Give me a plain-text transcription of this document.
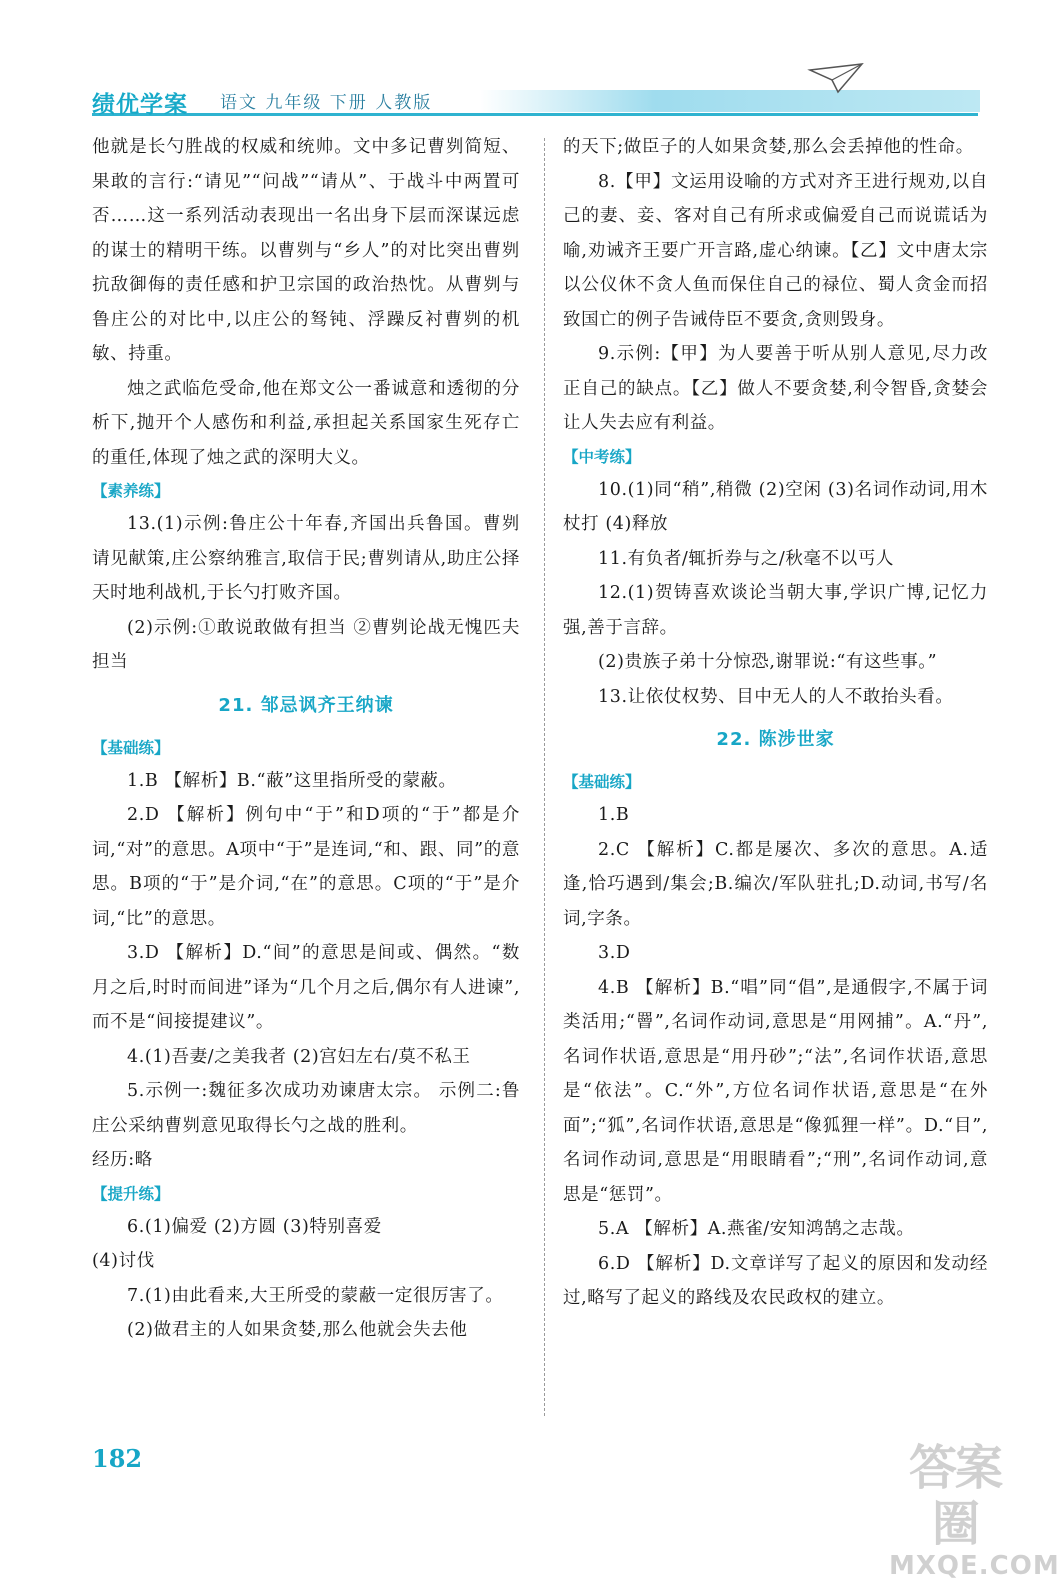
绩优学案 语文 九年级 下册 人教版

他就是长勺胜战的权威和统帅。文中多记曹刿简短、果敢的言行:“请见”“问战”“请从”、于战斗中两置可否……这一系列活动表现出一名出身下层而深谋远虑的谋士的精明干练。以曹刿与“乡人”的对比突出曹刿抗敌御侮的责任感和护卫宗国的政治热忱。从曹刿与鲁庄公的对比中,以庄公的驽钝、浮躁反衬曹刿的机敏、持重。

烛之武临危受命,他在郑文公一番诚意和透彻的分析下,抛开个人感伤和利益,承担起关系国家生死存亡的重任,体现了烛之武的深明大义。

【素养练】

13.(1)示例:鲁庄公十年春,齐国出兵鲁国。曹刿请见献策,庄公察纳雅言,取信于民;曹刿请从,助庄公择天时地利战机,于长勺打败齐国。

(2)示例:①敢说敢做有担当 ②曹刿论战无愧匹夫担当

21. 邹忌讽齐王纳谏
【基础练】

1.B 【解析】B.“蔽”这里指所受的蒙蔽。

2.D 【解析】例句中“于”和D项的“于”都是介词,“对”的意思。A项中“于”是连词,“和、跟、同”的意思。B项的“于”是介词,“在”的意思。C项的“于”是介词,“比”的意思。

3.D 【解析】D.“间”的意思是间或、偶然。“数月之后,时时而间进”译为“几个月之后,偶尔有人进谏”,而不是“间接提建议”。

4.(1)吾妻/之美我者 (2)宫妇左右/莫不私王

5.示例一:魏征多次成功劝谏唐太宗。 示例二:鲁庄公采纳曹刿意见取得长勺之战的胜利。

经历:略

【提升练】

6.(1)偏爱 (2)方圆 (3)特别喜爱

(4)讨伐

7.(1)由此看来,大王所受的蒙蔽一定很厉害了。

(2)做君主的人如果贪婪,那么他就会失去他

的天下;做臣子的人如果贪婪,那么会丢掉他的性命。

8.【甲】文运用设喻的方式对齐王进行规劝,以自己的妻、妾、客对自己有所求或偏爱自己而说谎话为喻,劝诫齐王要广开言路,虚心纳谏。【乙】文中唐太宗以公仪休不贪人鱼而保住自己的禄位、蜀人贪金而招致国亡的例子告诫侍臣不要贪,贪则毁身。

9.示例:【甲】为人要善于听从别人意见,尽力改正自己的缺点。【乙】做人不要贪婪,利令智昏,贪婪会让人失去应有利益。

【中考练】

10.(1)同“稍”,稍微 (2)空闲 (3)名词作动词,用木杖打 (4)释放

11.有负者/辄折券与之/秋毫不以丐人

12.(1)贺铸喜欢谈论当朝大事,学识广博,记忆力强,善于言辞。

(2)贵族子弟十分惊恐,谢罪说:“有这些事。”

13.让依仗权势、目中无人的人不敢抬头看。

22. 陈涉世家
【基础练】

1.B

2.C 【解析】C.都是屡次、多次的意思。A.适逢,恰巧遇到/集会;B.编次/军队驻扎;D.动词,书写/名词,字条。

3.D

4.B 【解析】B.“唱”同“倡”,是通假字,不属于词类活用;“罾”,名词作动词,意思是“用网捕”。A.“丹”,名词作状语,意思是“用丹砂”;“法”,名词作状语,意思是“依法”。C.“外”,方位名词作状语,意思是“在外面”;“狐”,名词作状语,意思是“像狐狸一样”。D.“目”,名词作动词,意思是“用眼睛看”;“刑”,名词作动词,意思是“惩罚”。

5.A 【解析】A.燕雀/安知鸿鹄之志哉。

6.D 【解析】D.文章详写了起义的原因和发动经过,略写了起义的路线及农民政权的建立。

182	答案圈
MXQE.COM
